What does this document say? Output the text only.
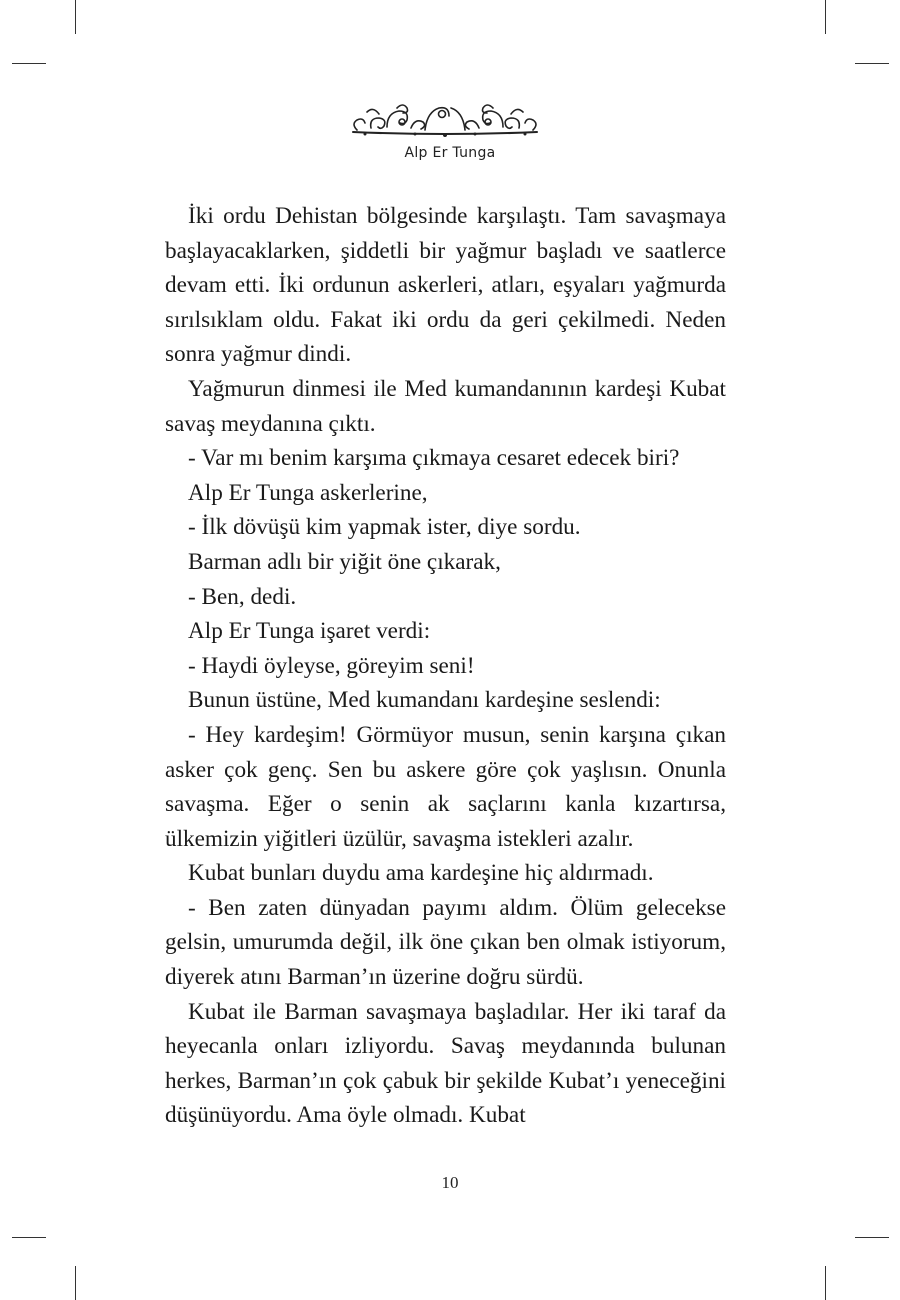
Alp Er Tunga

İki ordu Dehistan bölgesinde karşılaştı. Tam savaşmaya başlayacaklarken, şiddetli bir yağmur başladı ve saatlerce devam etti. İki ordunun askerleri, atları, eşyaları yağmurda sırılsıklam oldu. Fakat iki ordu da geri çekilmedi. Neden sonra yağmur dindi.

Yağmurun dinmesi ile Med kumandanının kardeşi Kubat savaş meydanına çıktı.

- Var mı benim karşıma çıkmaya cesaret edecek biri?

Alp Er Tunga askerlerine,

- İlk dövüşü kim yapmak ister, diye sordu.

Barman adlı bir yiğit öne çıkarak,

- Ben, dedi.

Alp Er Tunga işaret verdi:

- Haydi öyleyse, göreyim seni!

Bunun üstüne, Med kumandanı kardeşine seslendi:

- Hey kardeşim! Görmüyor musun, senin karşına çıkan asker çok genç. Sen bu askere göre çok yaşlısın. Onunla savaşma. Eğer o senin ak saçlarını kanla kızartırsa, ülkemizin yiğitleri üzülür, savaşma istekleri azalır.

Kubat bunları duydu ama kardeşine hiç aldırmadı.

- Ben zaten dünyadan payımı aldım. Ölüm gelecekse gelsin, umurumda değil, ilk öne çıkan ben olmak istiyorum, diyerek atını Barman’ın üzerine doğru sürdü.

Kubat ile Barman savaşmaya başladılar. Her iki taraf da heyecanla onları izliyordu. Savaş meydanında bulunan herkes, Barman’ın çok çabuk bir şekilde Kubat’ı yeneceğini düşünüyordu. Ama öyle olmadı. Kubat

10
